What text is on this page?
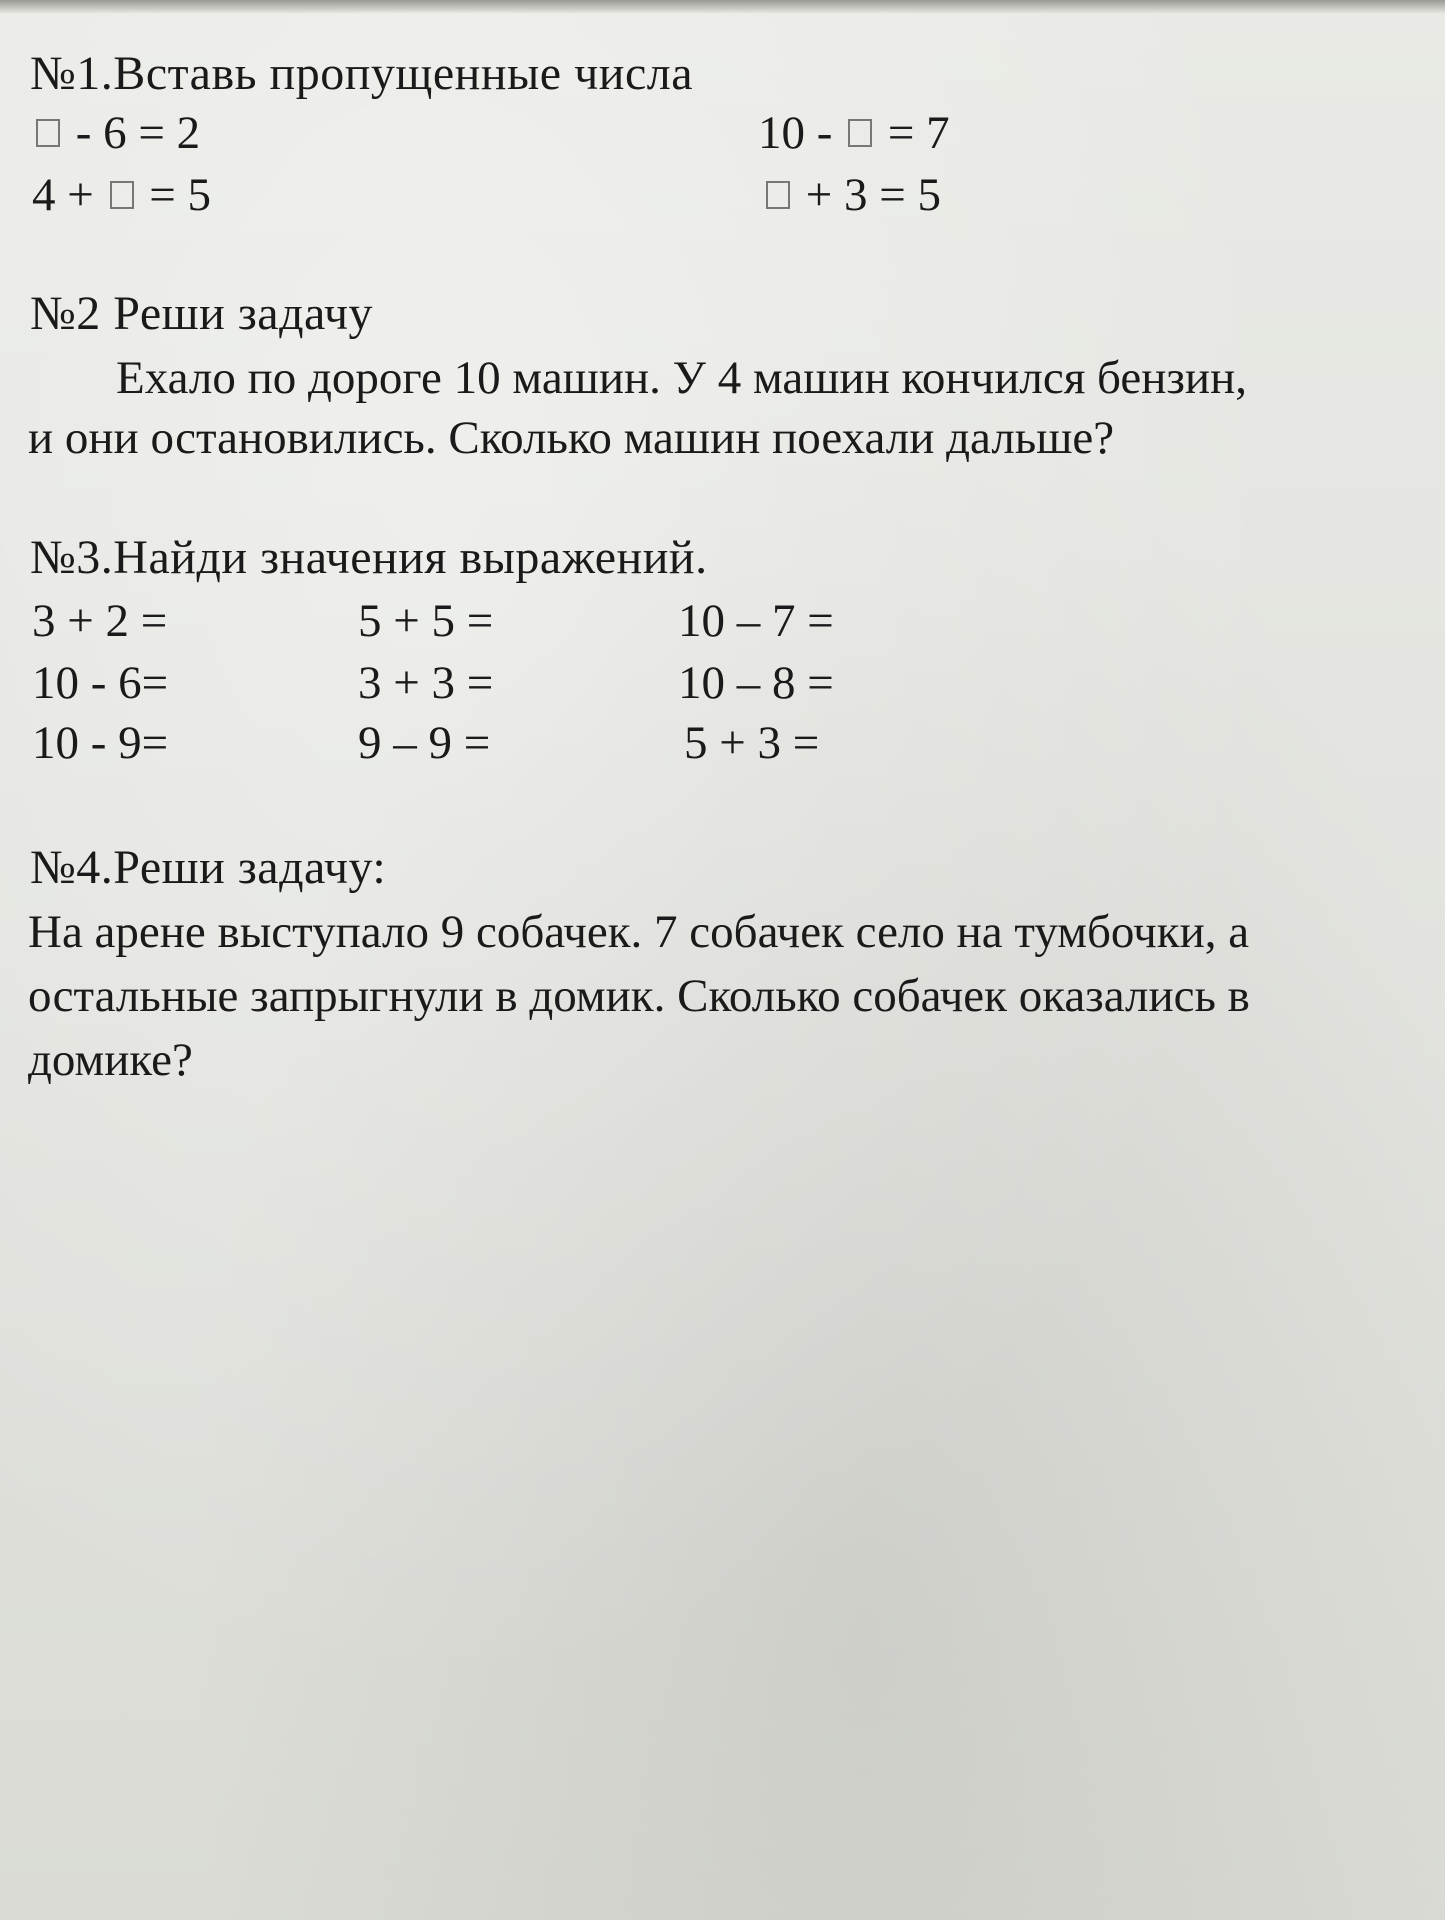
№1.Вставь пропущенные числа
- 6 = 2	10 - = 7
4 + = 5	+ 3 = 5
№2 Реши задачу
Ехало по дороге 10 машин. У 4 машин кончился бензин,
и они остановились. Сколько машин поехали дальше?
№3.Найди значения выражений.
3 + 2 =
10 - 6=
10 - 9=
5 + 5 =
3 + 3 =
9 – 9 =
10 – 7 =
10 – 8 =
5 + 3 =
№4.Реши задачу:
На арене выступало 9 собачек. 7 собачек село на тумбочки, а
остальные запрыгнули в домик. Сколько собачек оказались в
домике?
